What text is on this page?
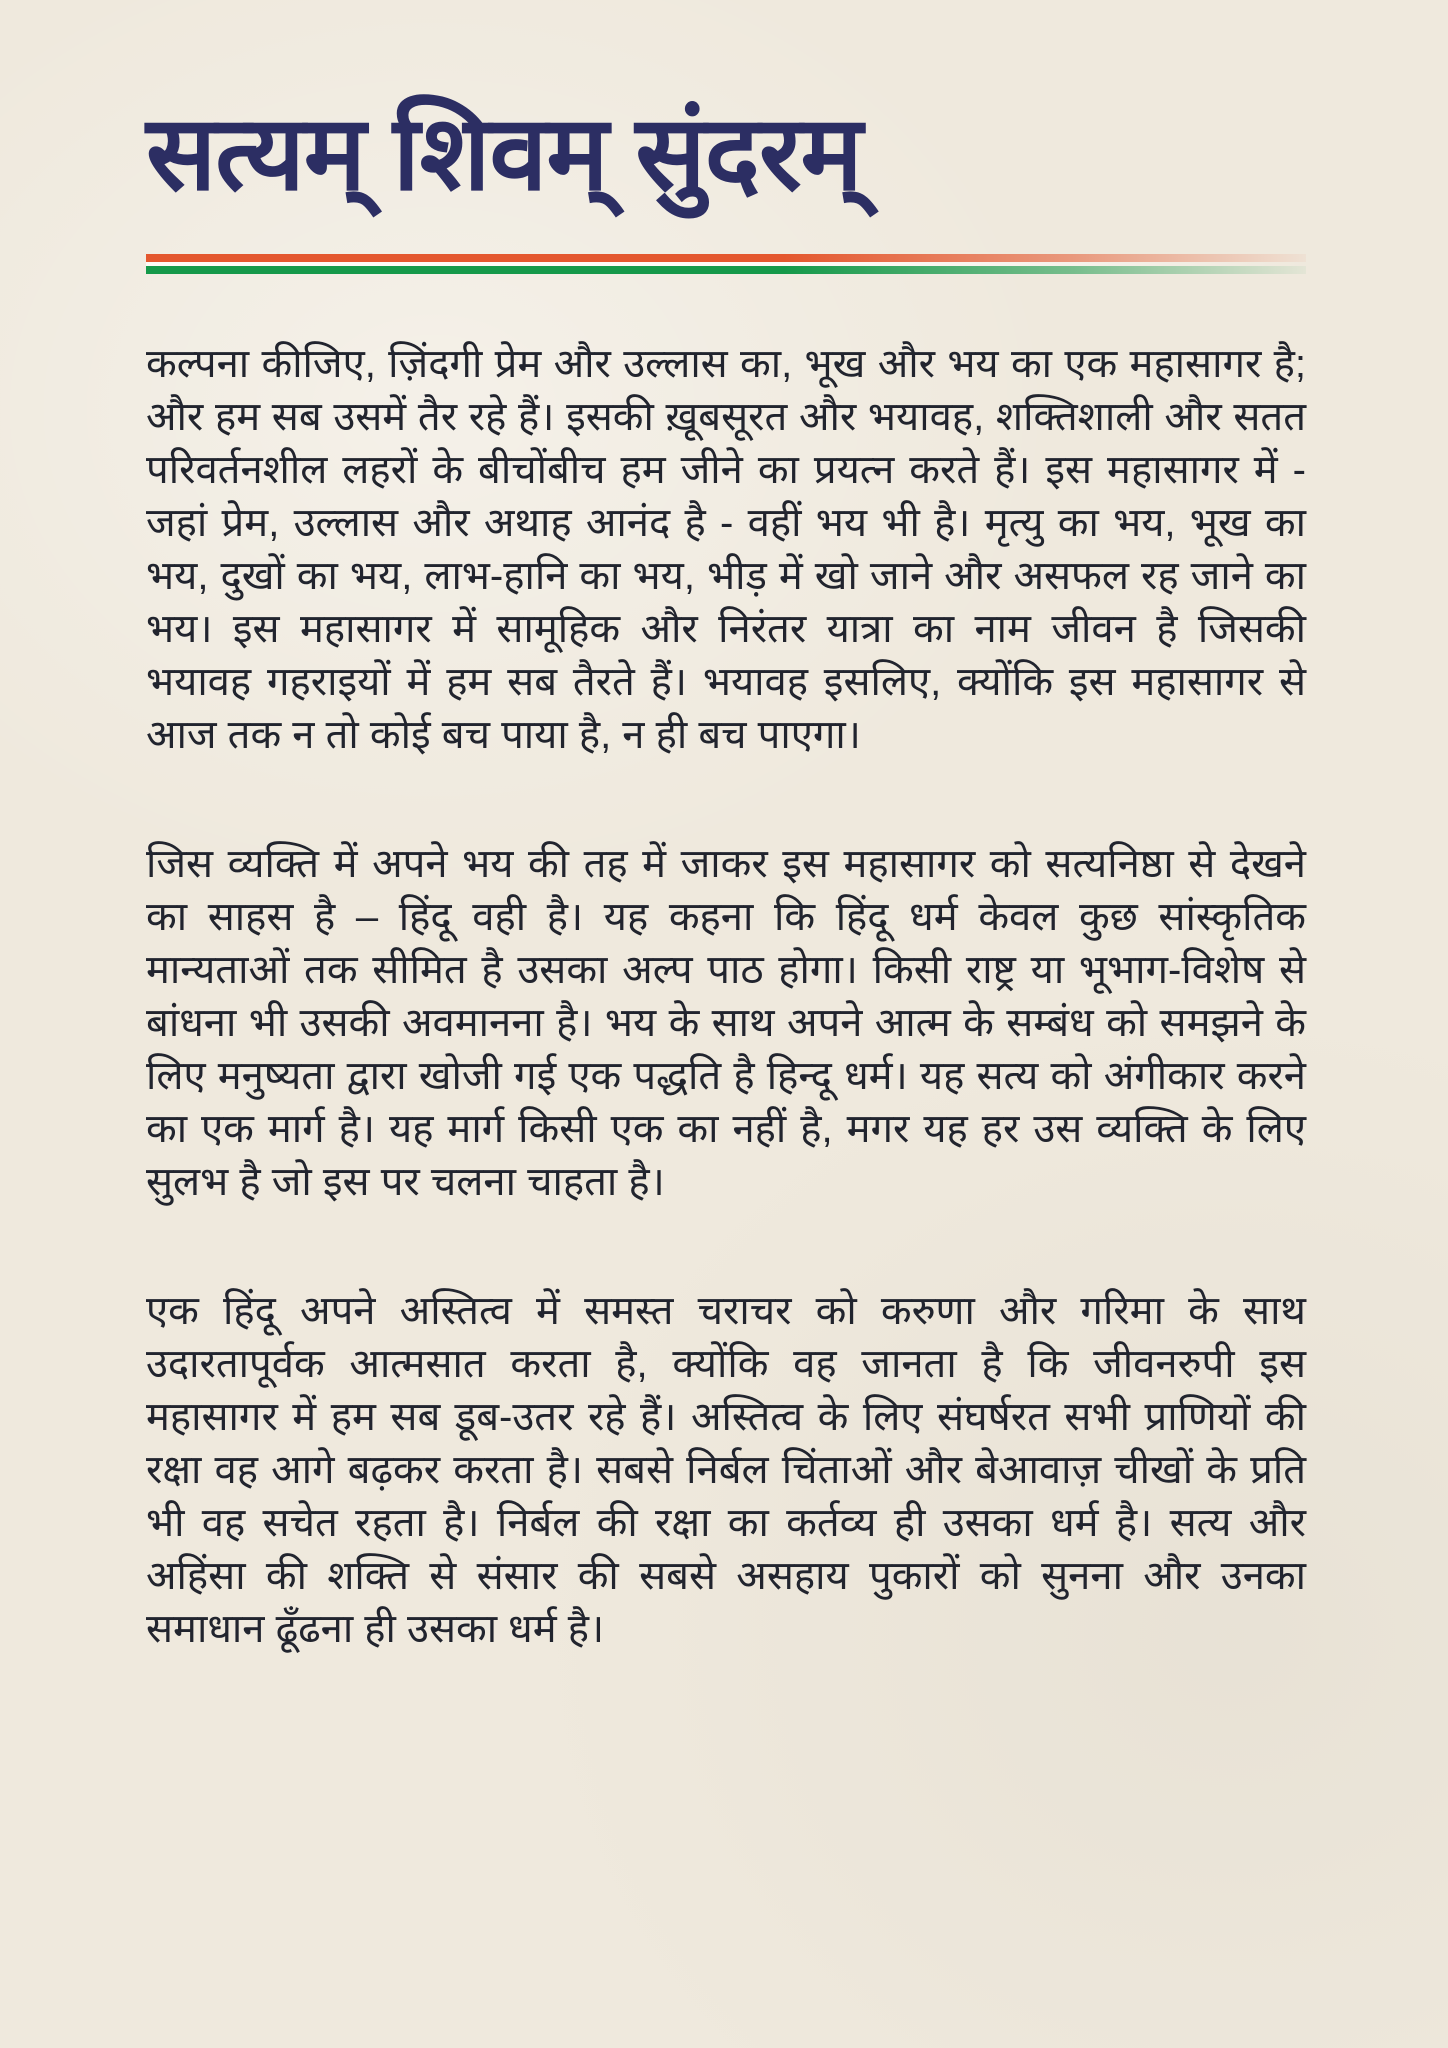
सत्यम् शिवम् सुंदरम्

कल्पना कीजिए, ज़िंदगी प्रेम और उल्लास का, भूख और भय का एक महासागर है; और हम सब उसमें तैर रहे हैं। इसकी ख़ूबसूरत और भयावह, शक्तिशाली और सतत परिवर्तनशील लहरों के बीचोंबीच हम जीने का प्रयत्न करते हैं। इस महासागर में - जहां प्रेम, उल्लास और अथाह आनंद है - वहीं भय भी है। मृत्यु का भय, भूख का भय, दुखों का भय, लाभ-हानि का भय, भीड़ में खो जाने और असफल रह जाने का भय। इस महासागर में सामूहिक और निरंतर यात्रा का नाम जीवन है जिसकी भयावह गहराइयों में हम सब तैरते हैं। भयावह इसलिए, क्योंकि इस महासागर से आज तक न तो कोई बच पाया है, न ही बच पाएगा।

जिस व्यक्ति में अपने भय की तह में जाकर इस महासागर को सत्यनिष्ठा से देखने का साहस है – हिंदू वही है। यह कहना कि हिंदू धर्म केवल कुछ सांस्कृतिक मान्यताओं तक सीमित है उसका अल्प पाठ होगा। किसी राष्ट्र या भूभाग-विशेष से बांधना भी उसकी अवमानना है। भय के साथ अपने आत्म के सम्बंध को समझने के लिए मनुष्यता द्वारा खोजी गई एक पद्धति है हिन्दू धर्म। यह सत्य को अंगीकार करने का एक मार्ग है। यह मार्ग किसी एक का नहीं है, मगर यह हर उस व्यक्ति के लिए सुलभ है जो इस पर चलना चाहता है।

एक हिंदू अपने अस्तित्व में समस्त चराचर को करुणा और गरिमा के साथ उदारतापूर्वक आत्मसात करता है, क्योंकि वह जानता है कि जीवनरुपी इस महासागर में हम सब डूब-उतर रहे हैं। अस्तित्व के लिए संघर्षरत सभी प्राणियों की रक्षा वह आगे बढ़कर करता है। सबसे निर्बल चिंताओं और बेआवाज़ चीखों के प्रति भी वह सचेत रहता है। निर्बल की रक्षा का कर्तव्य ही उसका धर्म है। सत्य और अहिंसा की शक्ति से संसार की सबसे असहाय पुकारों को सुनना और उनका समाधान ढूँढना ही उसका धर्म है।
